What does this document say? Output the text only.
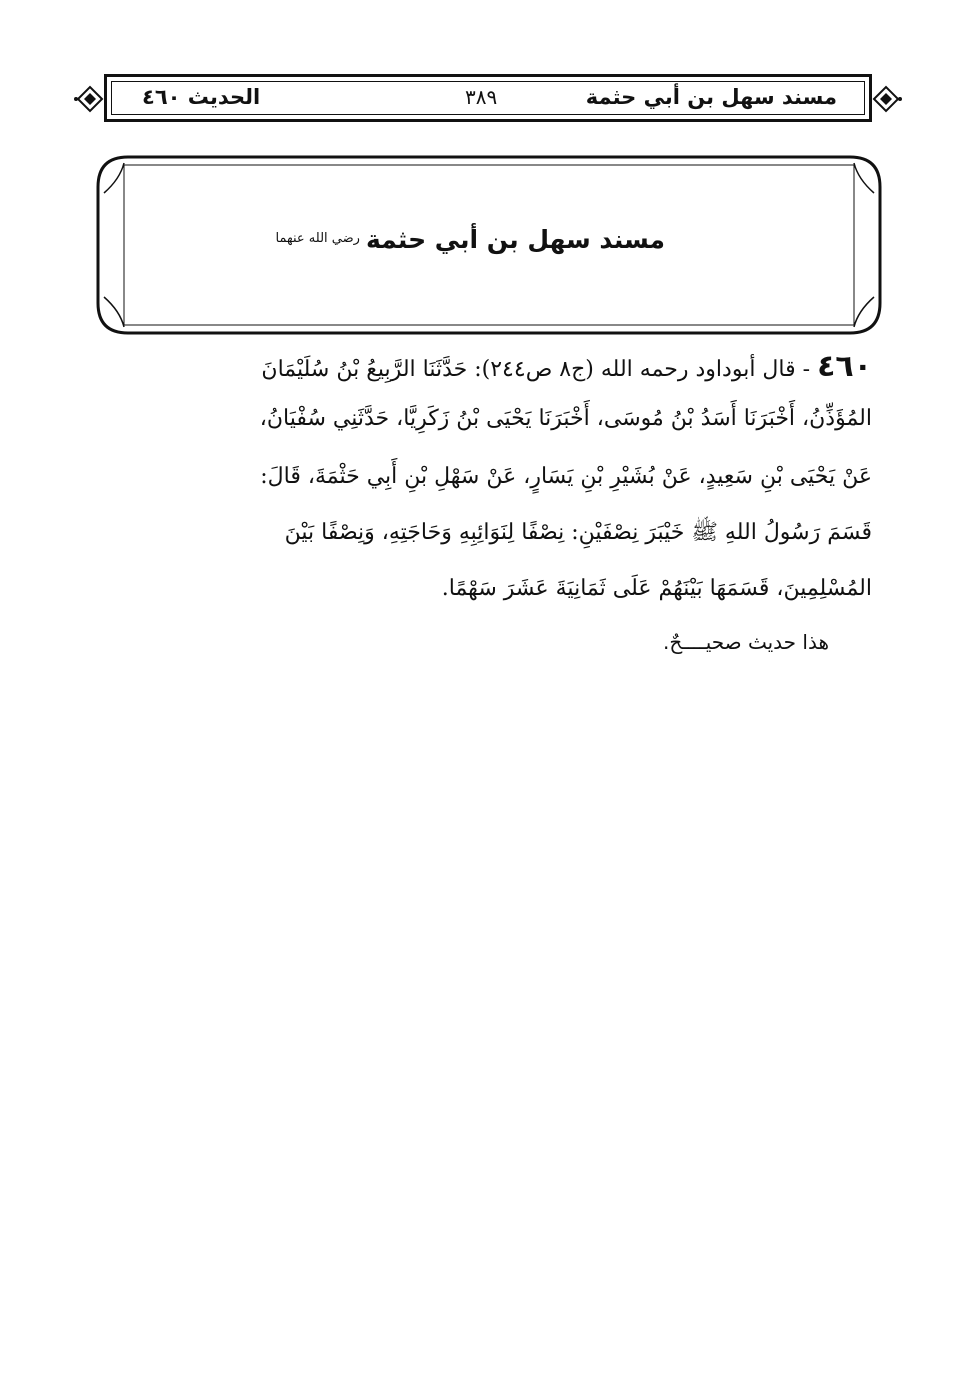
مسند سهل بن أبي حثمة
٣٨٩
الحديث ٤٦٠
مسند سهل بن أبي حثمة$^{رضي الله عنهما}$
٤٦٠ - قال أبوداود رحمه الله (ج٨ ص٢٤٤): حَدَّثَنَا الرَّبِيعُ بْنُ سُلَيْمَانَ
المُؤَذِّنُ، أَخْبَرَنَا أَسَدُ بْنُ مُوسَى، أَخْبَرَنَا يَحْيَى بْنُ زَكَرِيَّا، حَدَّثَنِي سُفْيَانُ،
عَنْ يَحْيَى بْنِ سَعِيدٍ، عَنْ بُشَيْرِ بْنِ يَسَارٍ، عَنْ سَهْلِ بْنِ أَبِي حَثْمَةَ، قَالَ:
قَسَمَ رَسُولُ اللهِ ﷺ خَيْبَرَ نِصْفَيْنِ: نِصْفًا لِنَوَائِبِهِ وَحَاجَتِهِ، وَنِصْفًا بَيْنَ
المُسْلِمِينَ، قَسَمَهَا بَيْنَهُمْ عَلَى ثَمَانِيَةَ عَشَرَ سَهْمًا.
هذا حديث صحيــــحٌ.
